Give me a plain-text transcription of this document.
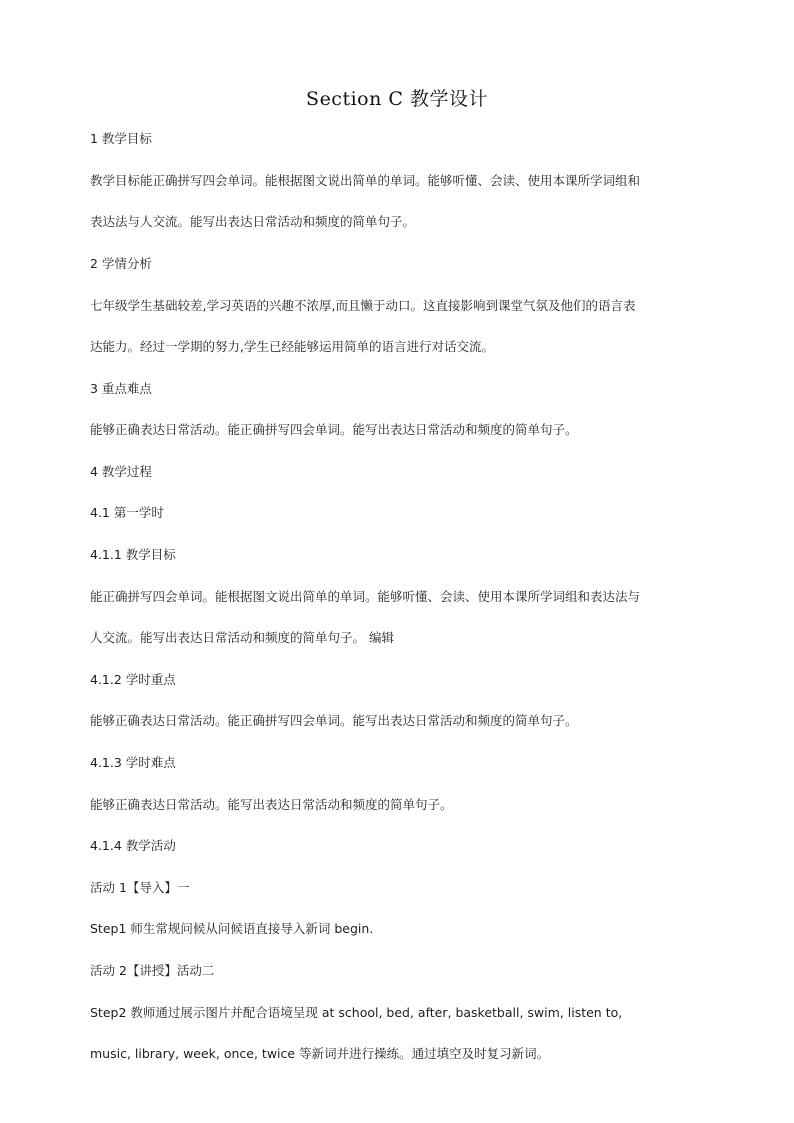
Section C 教学设计
1 教学目标
教学目标能正确拼写四会单词。能根据图文说出简单的单词。能够听懂、会读、使用本课所学词组和
表达法与人交流。能写出表达日常活动和频度的简单句子。
2 学情分析
七年级学生基础较差,学习英语的兴趣不浓厚,而且懒于动口。这直接影响到课堂气氛及他们的语言表
达能力。经过一学期的努力,学生已经能够运用简单的语言进行对话交流。
3 重点难点
能够正确表达日常活动。能正确拼写四会单词。能写出表达日常活动和频度的简单句子。
4 教学过程
4.1 第一学时
4.1.1 教学目标
能正确拼写四会单词。能根据图文说出简单的单词。能够听懂、会读、使用本课所学词组和表达法与
人交流。能写出表达日常活动和频度的简单句子。 编辑
4.1.2 学时重点
能够正确表达日常活动。能正确拼写四会单词。能写出表达日常活动和频度的简单句子。
4.1.3 学时难点
能够正确表达日常活动。能写出表达日常活动和频度的简单句子。
4.1.4 教学活动
活动 1【导入】一
Step1 师生常规问候从问候语直接导入新词 begin.
活动 2【讲授】活动二
Step2 教师通过展示图片并配合语境呈现 at school, bed, after, basketball, swim, listen to,
music, library, week, once, twice 等新词并进行操练。通过填空及时复习新词。
